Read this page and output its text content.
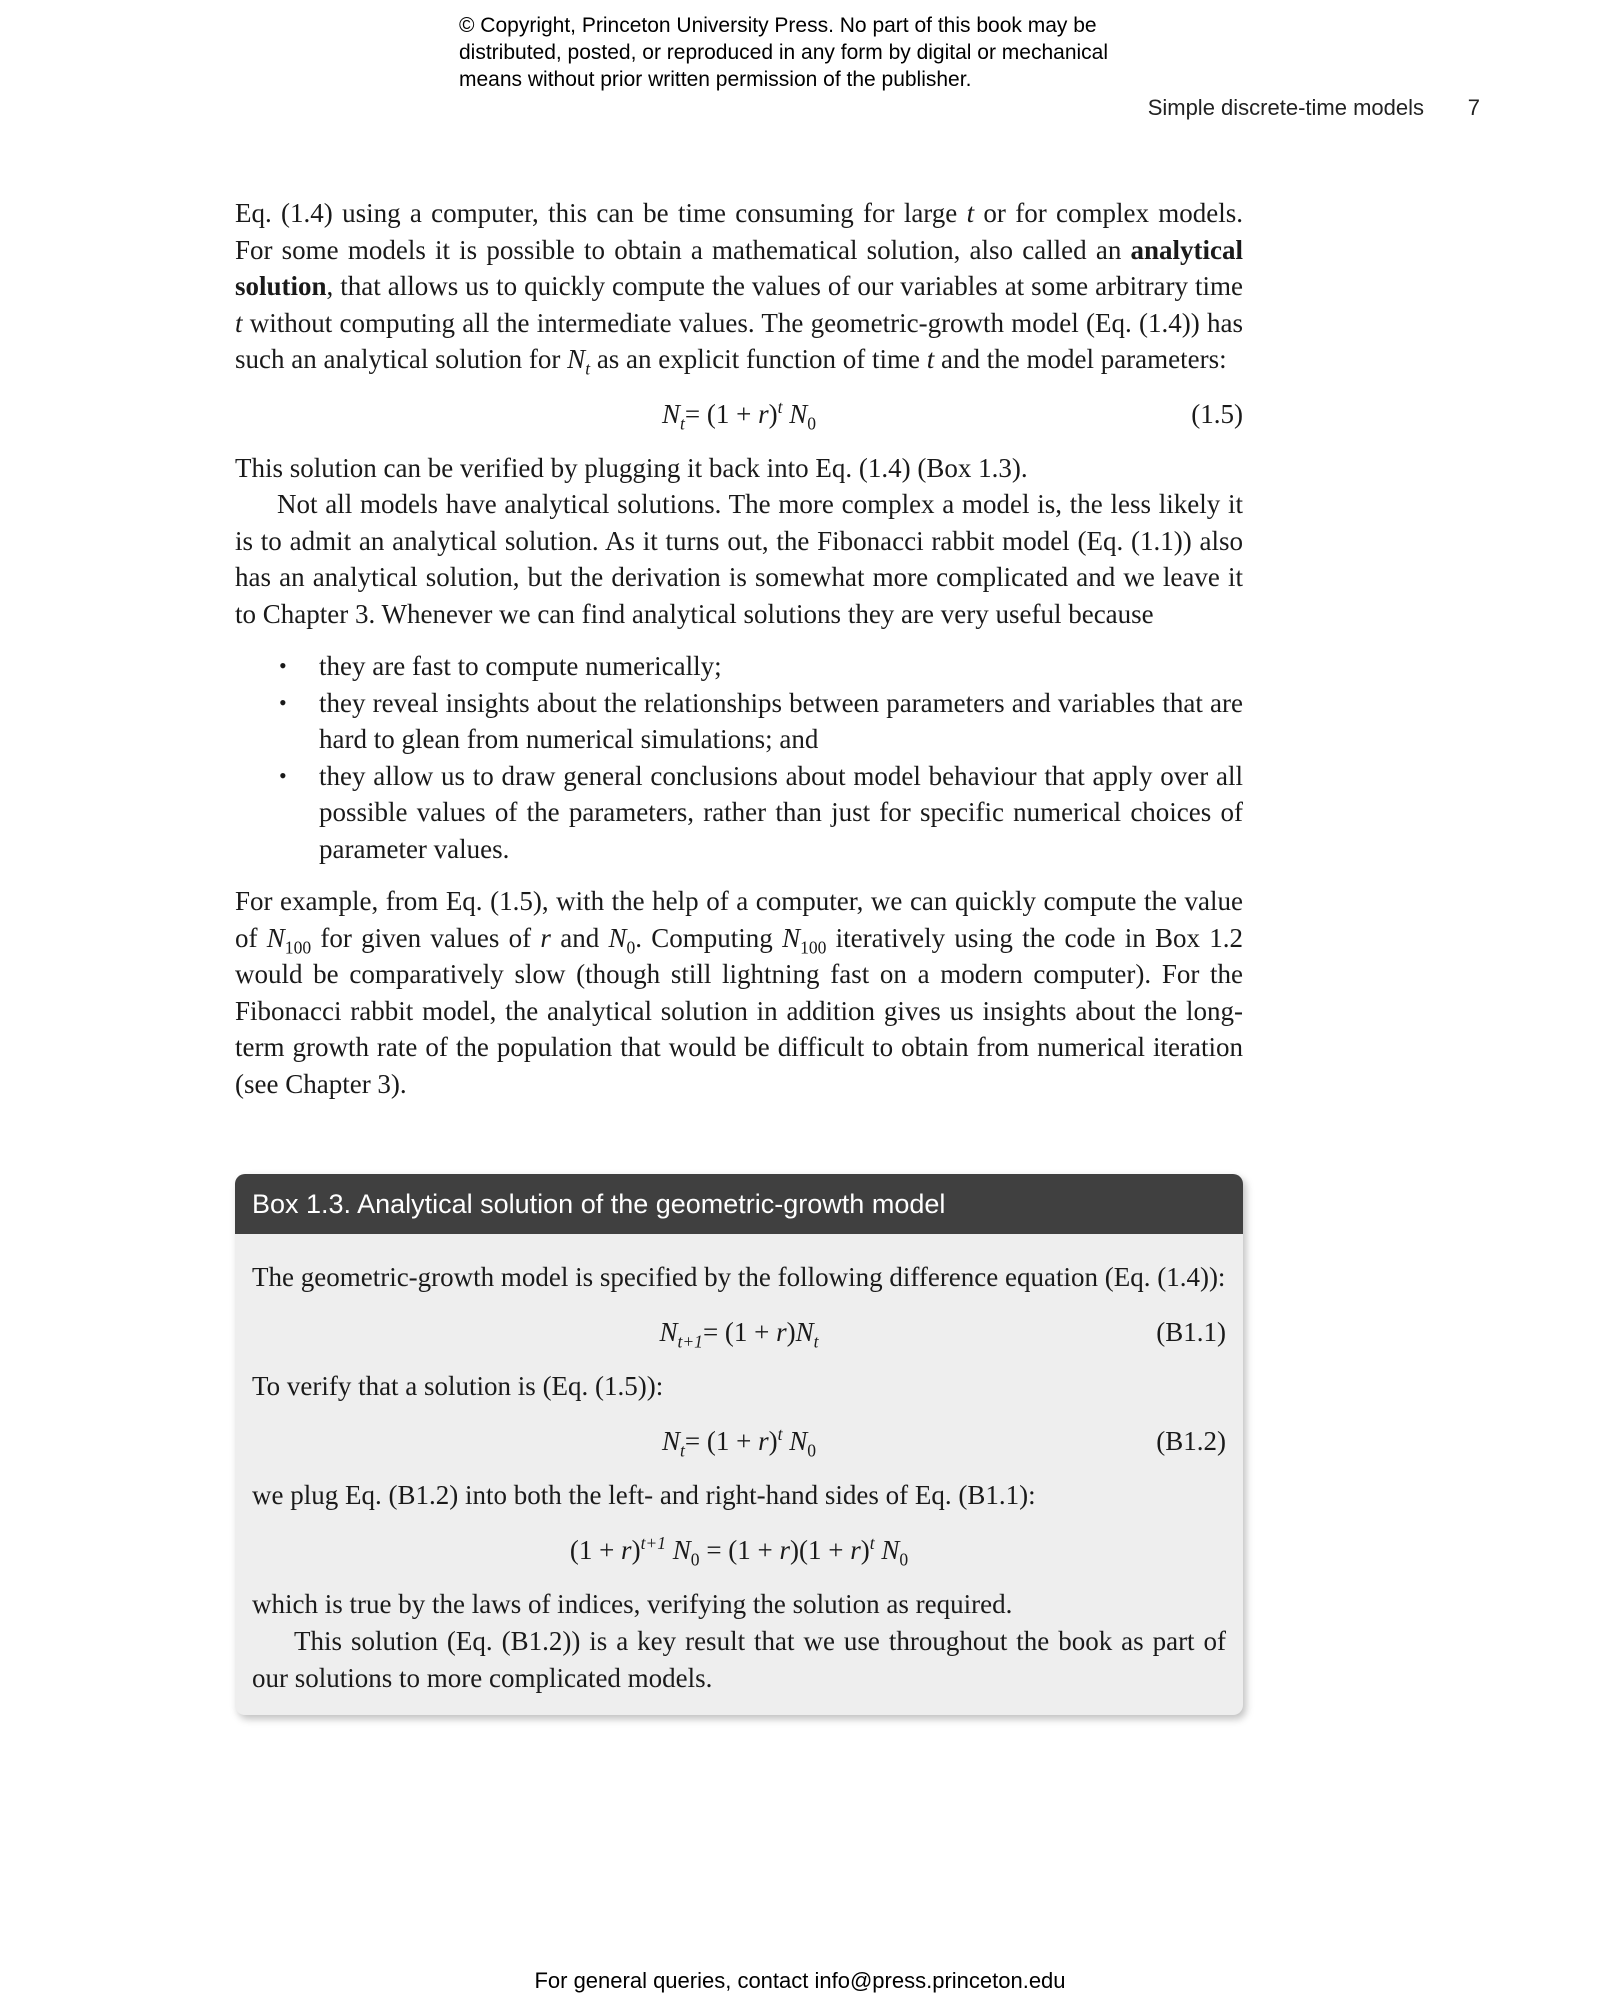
© Copyright, Princeton University Press. No part of this book may be
distributed, posted, or reproduced in any form by digital or mechanical
means without prior written permission of the publisher.
Simple discrete-time models 7

Eq. (1.4) using a computer, this can be time consuming for large t or for complex models. For some models it is possible to obtain a mathematical solution, also called an analytical solution, that allows us to quickly compute the values of our variables at some arbitrary time t without computing all the intermediate values. The geometric-growth model (Eq. (1.4)) has such an analytical solution for $N_t$ as an explicit function of time t and the model parameters:

$N_t= (1 + r)^t$ $N_0$	(1.5)

This solution can be verified by plugging it back into Eq. (1.4) (Box 1.3).

Not all models have analytical solutions. The more complex a model is, the less likely it is to admit an analytical solution. As it turns out, the Fibonacci rabbit model (Eq. (1.1)) also has an analytical solution, but the derivation is somewhat more complicated and we leave it to Chapter 3. Whenever we can find analytical solutions they are very useful because

• they are fast to compute numerically;
• they reveal insights about the relationships between parameters and variables that are hard to glean from numerical simulations; and
• they allow us to draw general conclusions about model behaviour that apply over all possible values of the parameters, rather than just for specific numerical choices of parameter values.

For example, from Eq. (1.5), with the help of a computer, we can quickly compute the value of $N_{100}$ for given values of r and $N_0$. Computing $N_{100}$ iteratively using the code in Box 1.2 would be comparatively slow (though still lightning fast on a modern computer). For the Fibonacci rabbit model, the analytical solution in addition gives us insights about the long-term growth rate of the population that would be difficult to obtain from numerical iteration (see Chapter 3).

Box 1.3. Analytical solution of the geometric-growth model

The geometric-growth model is specified by the following difference equation (Eq. (1.4)):

$N_{t+1}= (1 + r)N_t$	(B1.1)

To verify that a solution is (Eq. (1.5)):

$N_t= (1 + r)^t$ $N_0$	(B1.2)

we plug Eq. (B1.2) into both the left- and right-hand sides of Eq. (B1.1):

$(1 + r)^{t+1}$ $N_0 = (1 + r)(1 + r)^t$ $N_0$

which is true by the laws of indices, verifying the solution as required.

This solution (Eq. (B1.2)) is a key result that we use throughout the book as part of our solutions to more complicated models.

For general queries, contact info@press.princeton.edu
